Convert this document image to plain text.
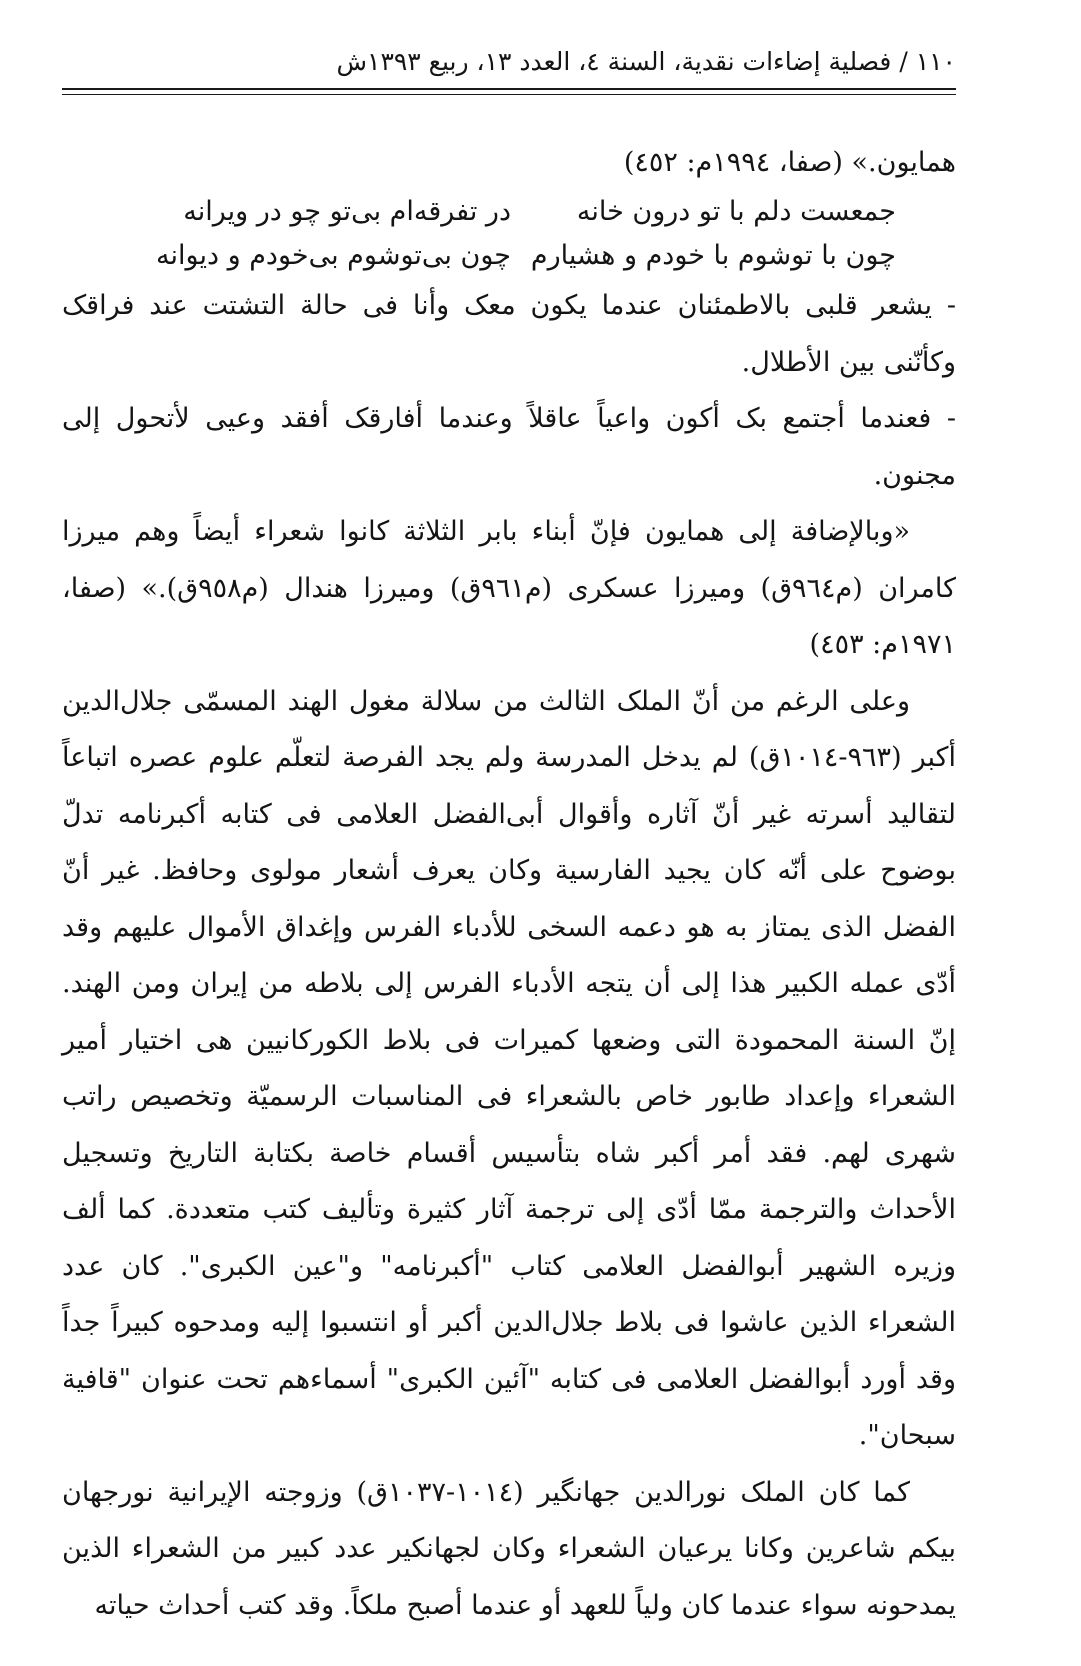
١١٠ / فصلية إضاءات نقدية، السنة ٤، العدد ١٣، ربيع ١٣٩٣ش

همايون.» (صفا، ١٩٩٤م: ٤٥٢)

جمعست دلم با تو درون خانه
در تفرقه‌ام بی‌تو چو در ویرانه
چون با توشوم با خودم و هشیارم
چون بی‌توشوم بی‌خودم و دیوانه

- يشعر قلبی بالاطمئنان عندما يكون معک وأنا فی حالة التشتت عند فراقک وكأنّنی بين الأطلال.

- فعندما أجتمع بک أكون واعياً عاقلاً وعندما أفارقک أفقد وعيی لأتحول إلی مجنون.

«وبالإضافة إلی همايون فإنّ أبناء بابر الثلاثة كانوا شعراء أيضاً وهم ميرزا كامران (م٩٦٤ق) وميرزا عسكری (م٩٦١ق) وميرزا هندال (م٩٥٨ق).» (صفا، ١٩٧١م: ٤٥٣)

وعلی الرغم من أنّ الملک الثالث من سلالة مغول الهند المسمّی جلال‌الدين أكبر (٩٦٣-١٠١٤ق) لم يدخل المدرسة ولم يجد الفرصة لتعلّم علوم عصره اتباعاً لتقاليد أسرته غير أنّ آثاره وأقوال أبی‌الفضل العلامی فی كتابه أكبرنامه تدلّ بوضوح علی أنّه كان يجيد الفارسية وكان يعرف أشعار مولوی وحافظ. غير أنّ الفضل الذی يمتاز به هو دعمه السخی للأدباء الفرس وإغداق الأموال عليهم وقد أدّی عمله الكبير هذا إلی أن يتجه الأدباء الفرس إلی بلاطه من إيران ومن الهند. إنّ السنة المحمودة التی وضعها كميرات فی بلاط الكوركانيين هی اختيار أمير الشعراء وإعداد طابور خاص بالشعراء فی المناسبات الرسميّة وتخصيص راتب شهری لهم. فقد أمر أكبر شاه بتأسيس أقسام خاصة بكتابة التاريخ وتسجيل الأحداث والترجمة ممّا أدّی إلی ترجمة آثار كثيرة وتأليف كتب متعددة. كما ألف وزيره الشهير أبوالفضل العلامی كتاب "أكبرنامه" و"عين الكبری". كان عدد الشعراء الذين عاشوا فی بلاط جلال‌الدين أكبر أو انتسبوا إليه ومدحوه كبيراً جداً وقد أورد أبوالفضل العلامی فی كتابه "آئين الكبری" أسماءهم تحت عنوان "قافية سبحان".

كما كان الملک نورالدين جهانگير (١٠١٤-١٠٣٧ق) وزوجته الإيرانية نورجهان بيكم شاعرين وكانا يرعيان الشعراء وكان لجهانكير عدد كبير من الشعراء الذين يمدحونه سواء عندما كان ولياً للعهد أو عندما أصبح ملكاً. وقد كتب أحداث حياته
